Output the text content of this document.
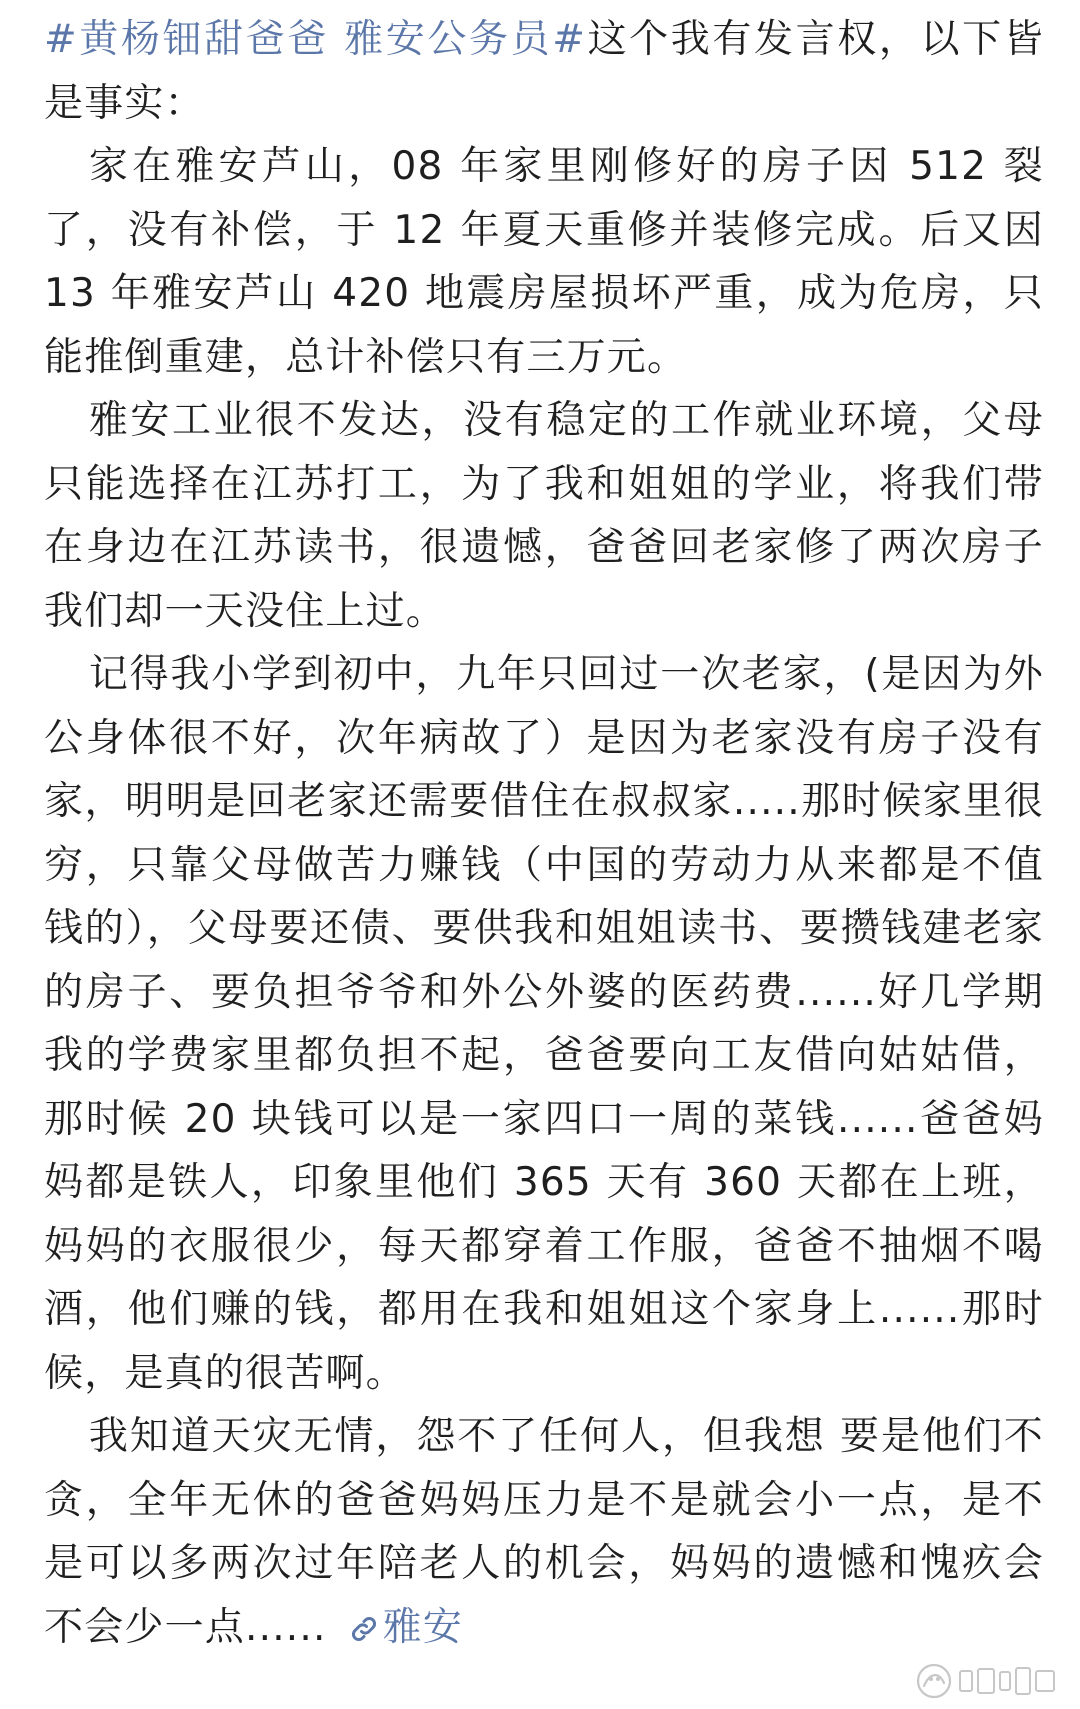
#黄杨钿甜爸爸 雅安公务员#这个我有发言权，以下皆是事实：

家在雅安芦山，08 年家里刚修好的房子因 512 裂了，没有补偿，于 12 年夏天重修并装修完成。后又因 13 年雅安芦山 420 地震房屋损坏严重，成为危房，只能推倒重建，总计补偿只有三万元。

雅安工业很不发达，没有稳定的工作就业环境，父母只能选择在江苏打工，为了我和姐姐的学业，将我们带在身边在江苏读书，很遗憾，爸爸回老家修了两次房子我们却一天没住上过。

记得我小学到初中，九年只回过一次老家，(是因为外公身体很不好，次年病故了）是因为老家没有房子没有家，明明是回老家还需要借住在叔叔家.....那时候家里很穷，只靠父母做苦力赚钱（中国的劳动力从来都是不值钱的），父母要还债、要供我和姐姐读书、要攒钱建老家的房子、要负担爷爷和外公外婆的医药费......好几学期我的学费家里都负担不起，爸爸要向工友借向姑姑借，那时候 20 块钱可以是一家四口一周的菜钱......爸爸妈妈都是铁人，印象里他们 365 天有 360 天都在上班，妈妈的衣服很少，每天都穿着工作服，爸爸不抽烟不喝酒，他们赚的钱，都用在我和姐姐这个家身上......那时候，是真的很苦啊。

我知道天灾无情，怨不了任何人，但我想 要是他们不贪，全年无休的爸爸妈妈压力是不是就会小一点，是不是可以多两次过年陪老人的机会，妈妈的遗憾和愧疚会不会少一点...... 雅安
